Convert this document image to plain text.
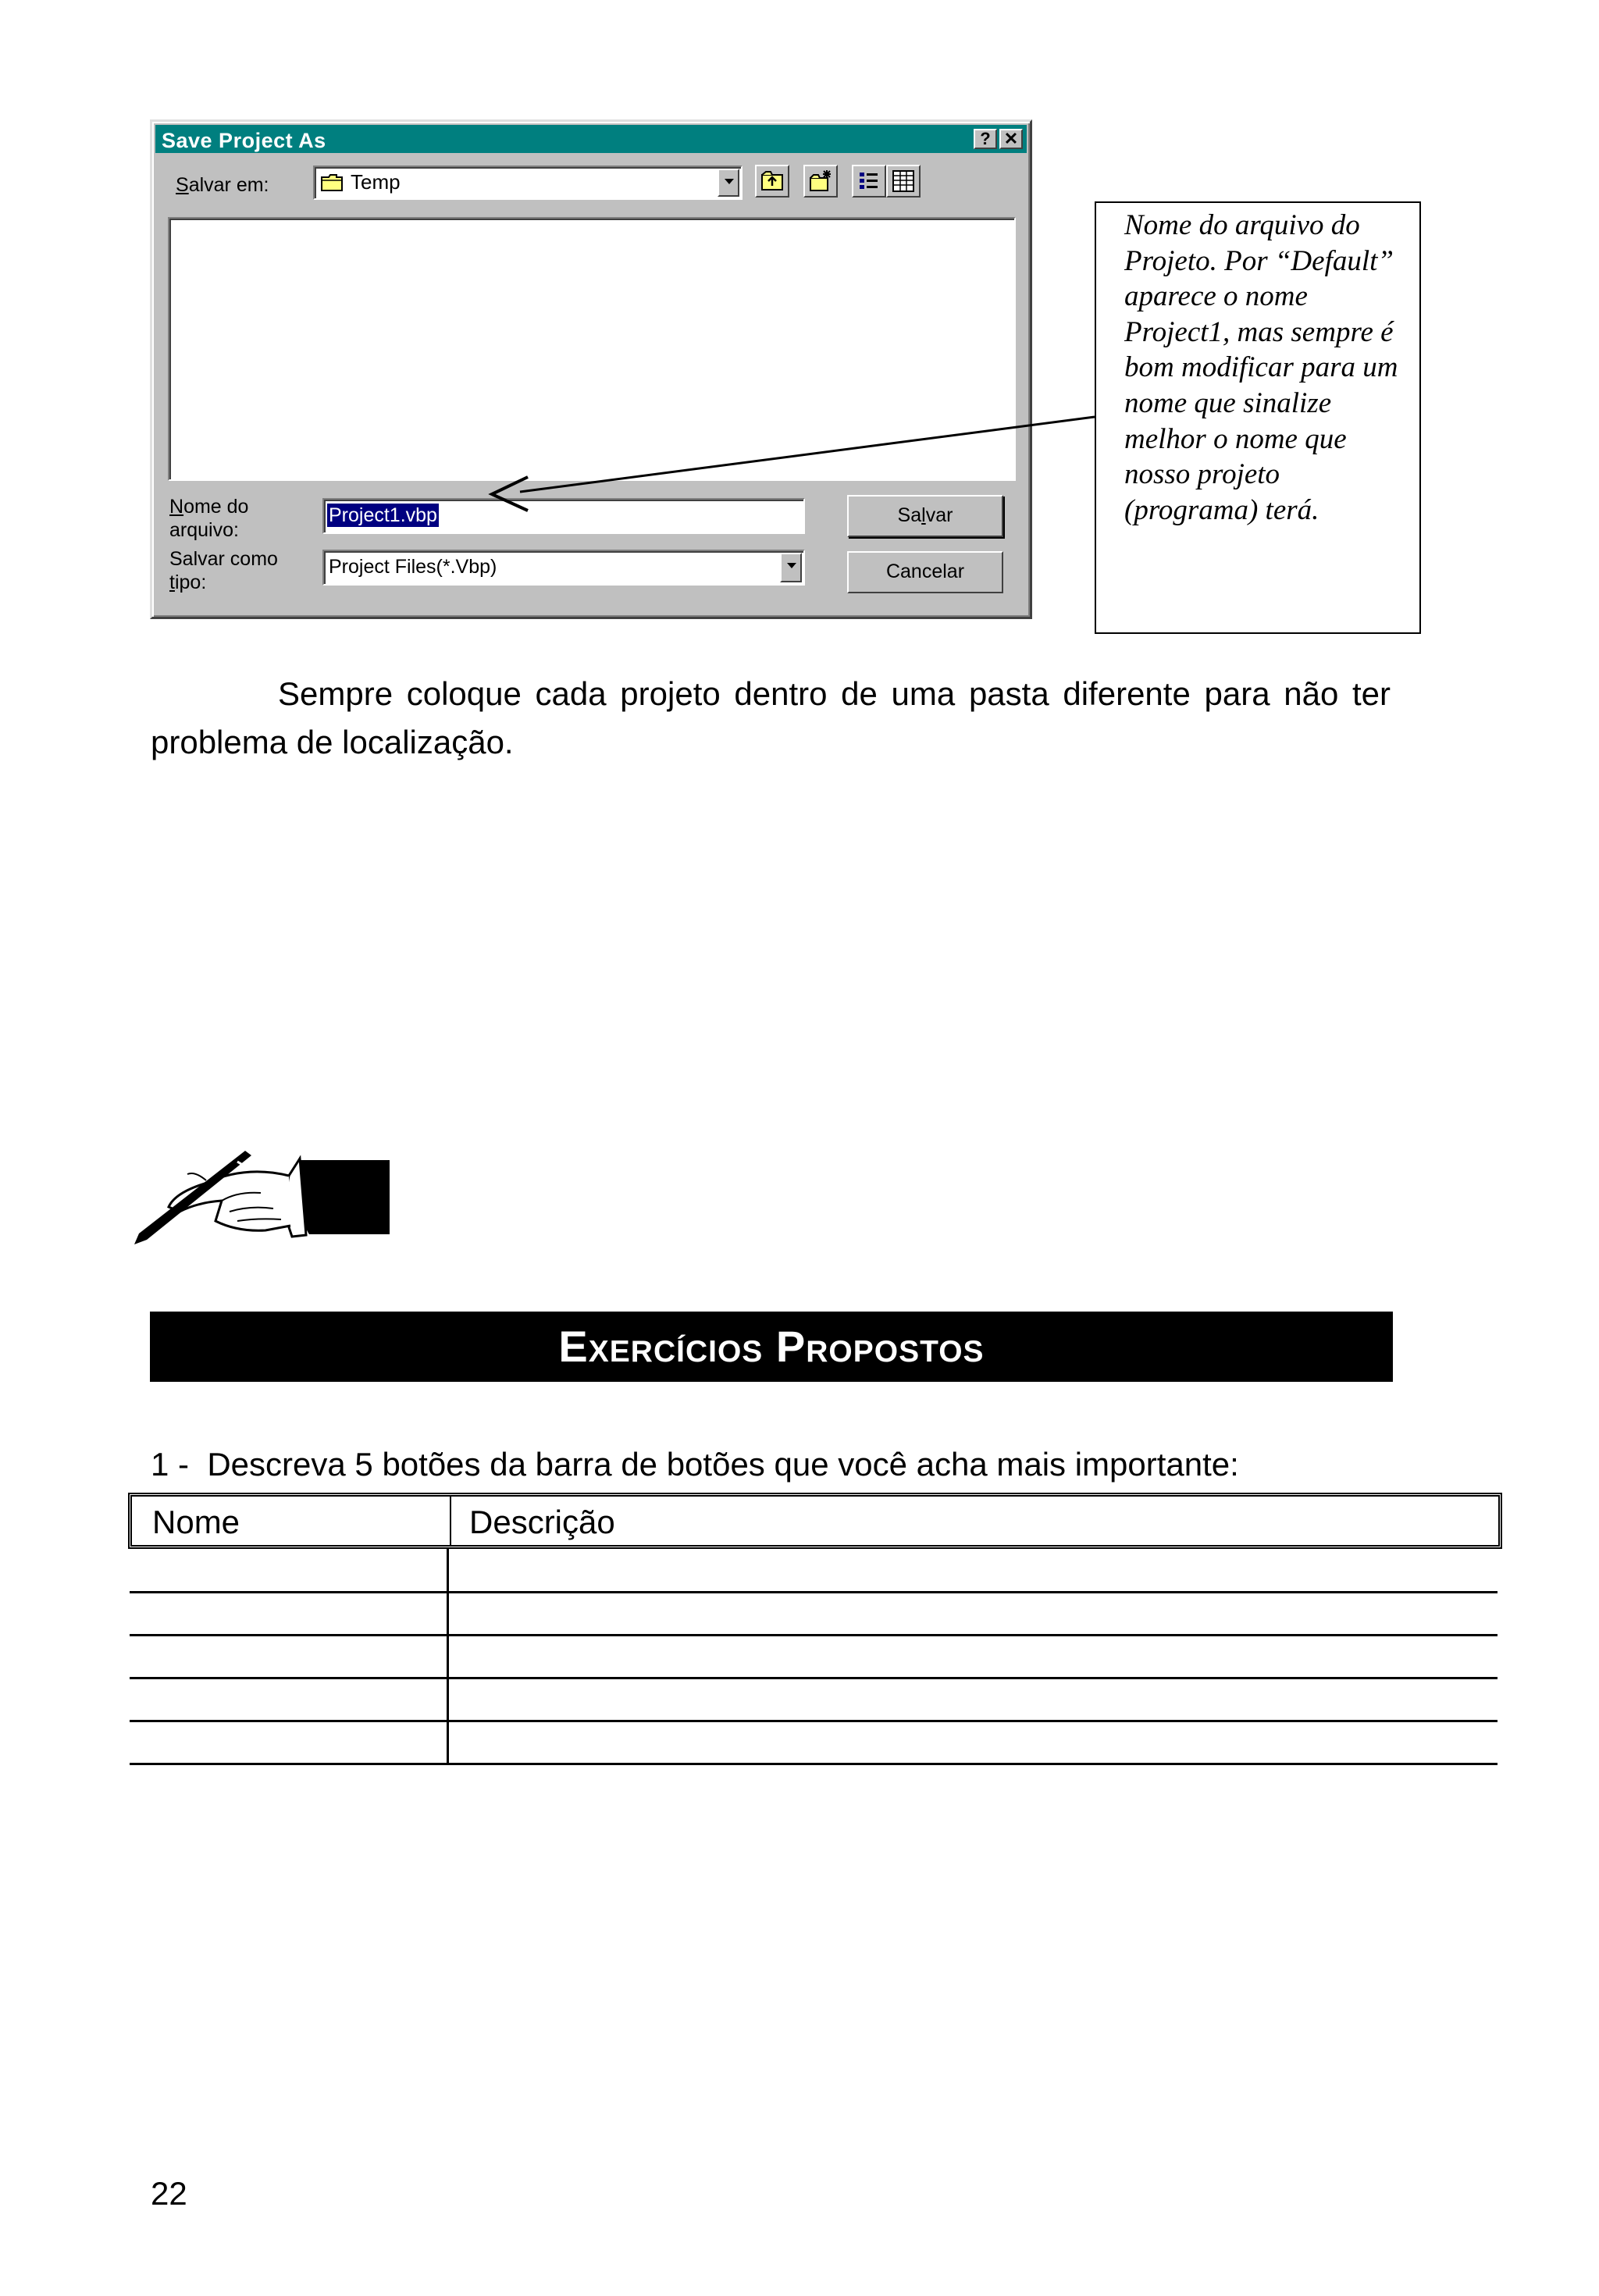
Save Project As	? ✕
Salvar em:	Temp
Nome do
arquivo:
Project1.vbp
Salvar como
tipo:
Project Files(*.Vbp)
Salvar
Cancelar
Nome do arquivo do Projeto. Por “Default” aparece o nome Project1, mas sempre é bom modificar para um nome que sinalize melhor o nome que nosso projeto (programa) terá.
Sempre coloque cada projeto dentro de uma pasta diferente para não ter problema de localização.
Exercícios Propostos
1 -  Descreva 5 botões da barra de botões que você acha mais importante:
Nome	Descrição
22
